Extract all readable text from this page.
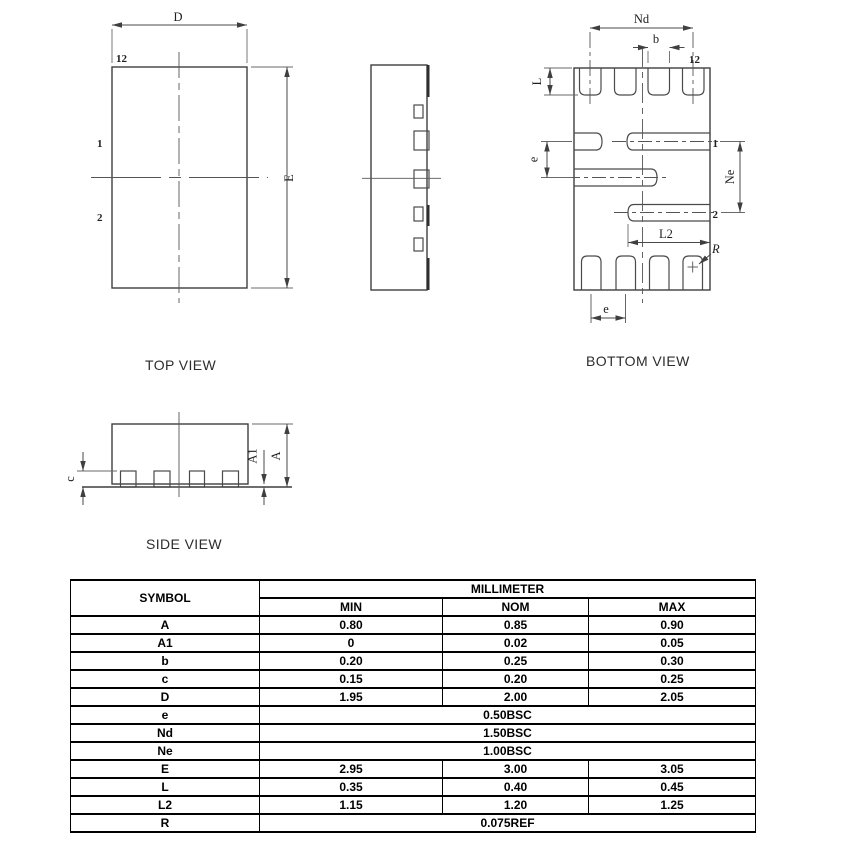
D
E
12
1
2
TOP VIEW
Nd
b
L
e
Ne
L2
R
e
12
1
2
BOTTOM VIEW
c
A1 A
SIDE VIEW
SYMBOL	MILLIMETER		
	MIN	NOM	MAX
A	0.80	0.85	0.90
A1	0	0.02	0.05
b	0.20	0.25	0.30
c	0.15	0.20	0.25
D	1.95	2.00	2.05
e	0.50BSC		
Nd	1.50BSC		
Ne	1.00BSC		
E	2.95	3.00	3.05
L	0.35	0.40	0.45
L2	1.15	1.20	1.25
R	0.075REF		
